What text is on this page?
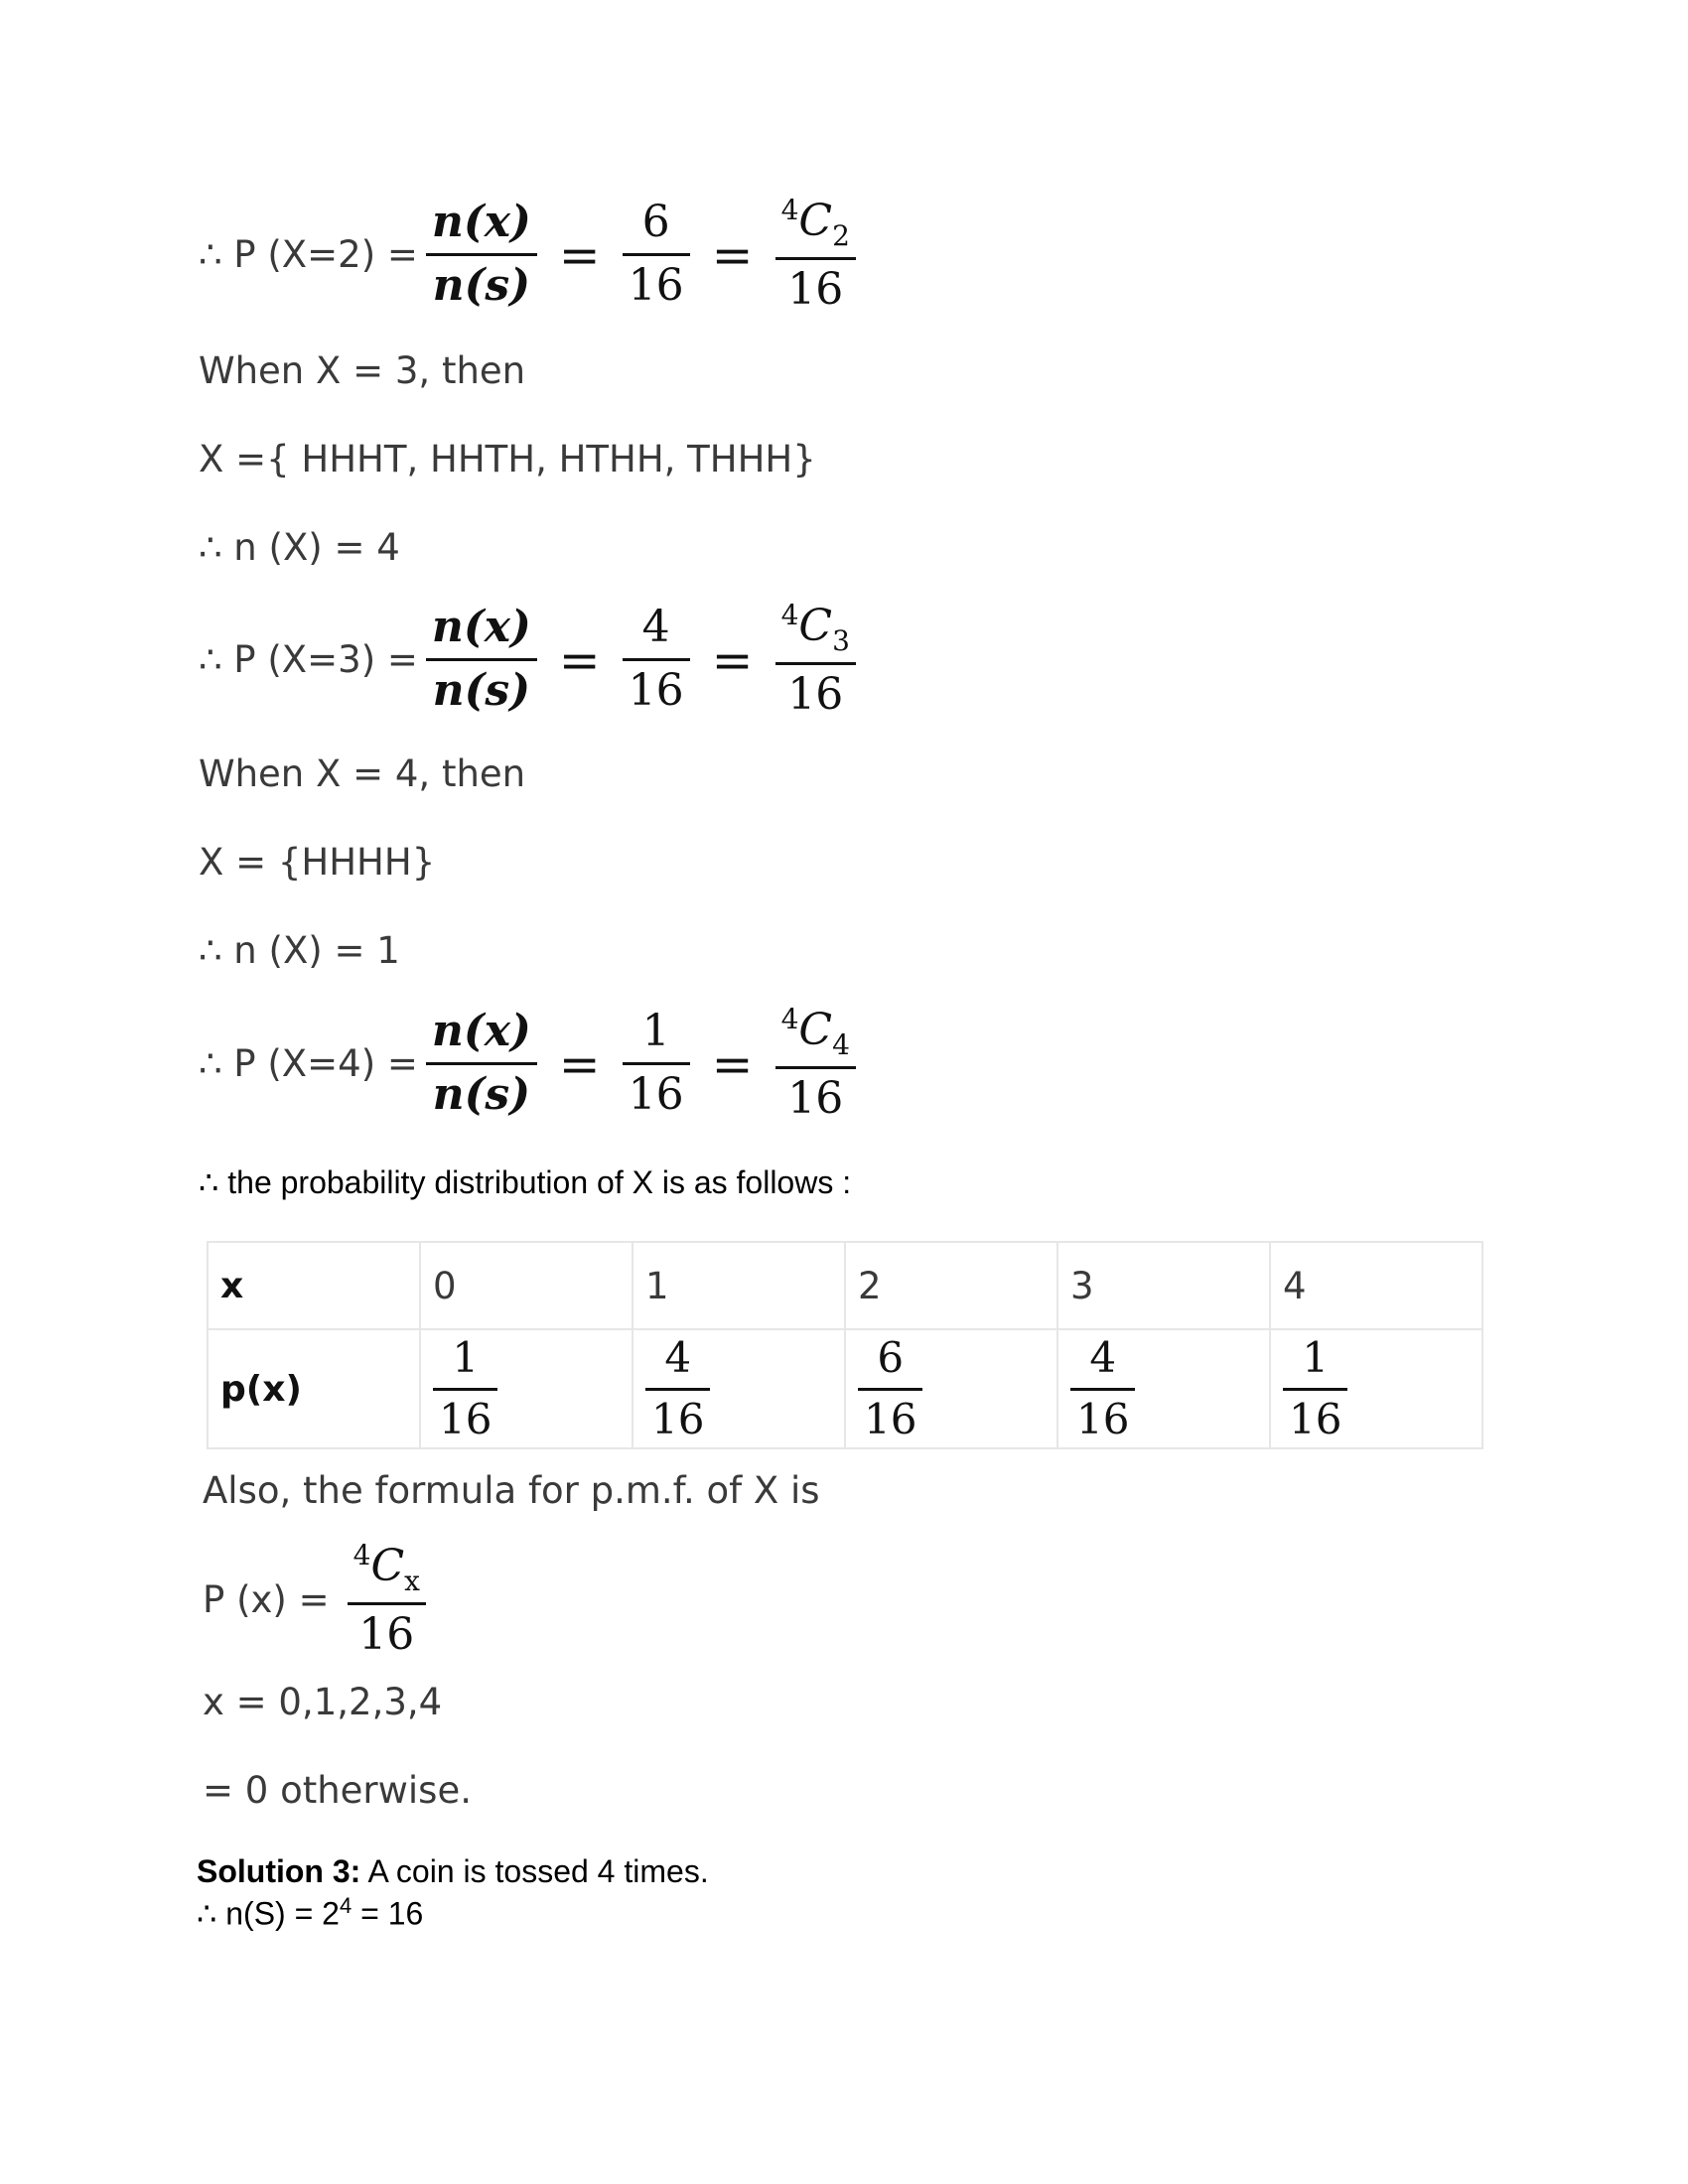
∴ P $(X=2) = \frac{n(x)}{n(s)} = \frac{6}{16} = \frac{^4C_2}{16}$
When X = 3, then
X ={ HHHT, HHTH, HTHH, THHH}
∴ n (X) = 4
∴ P $(X=3) = \frac{n(x)}{n(s)} = \frac{4}{16} = \frac{^4C_3}{16}$
When X = 4, then
X = {HHHH}
∴ n (X) = 1
∴ P $(X=4) = \frac{n(x)}{n(s)} = \frac{1}{16} = \frac{^4C_4}{16}$
∴ the probability distribution of X is as follows :
x	0	1	2	3	4
p(x)	$\frac{1}{16}$	$\frac{4}{16}$	$\frac{6}{16}$	$\frac{4}{16}$	$\frac{1}{16}$
Also, the formula for p.m.f. of X is
P $(x) = \frac{^4C_x}{16}$
x = 0,1,2,3,4
= 0 otherwise.
Solution 3: A coin is tossed 4 times.
∴ $n(S) = 2^4 = 16$
